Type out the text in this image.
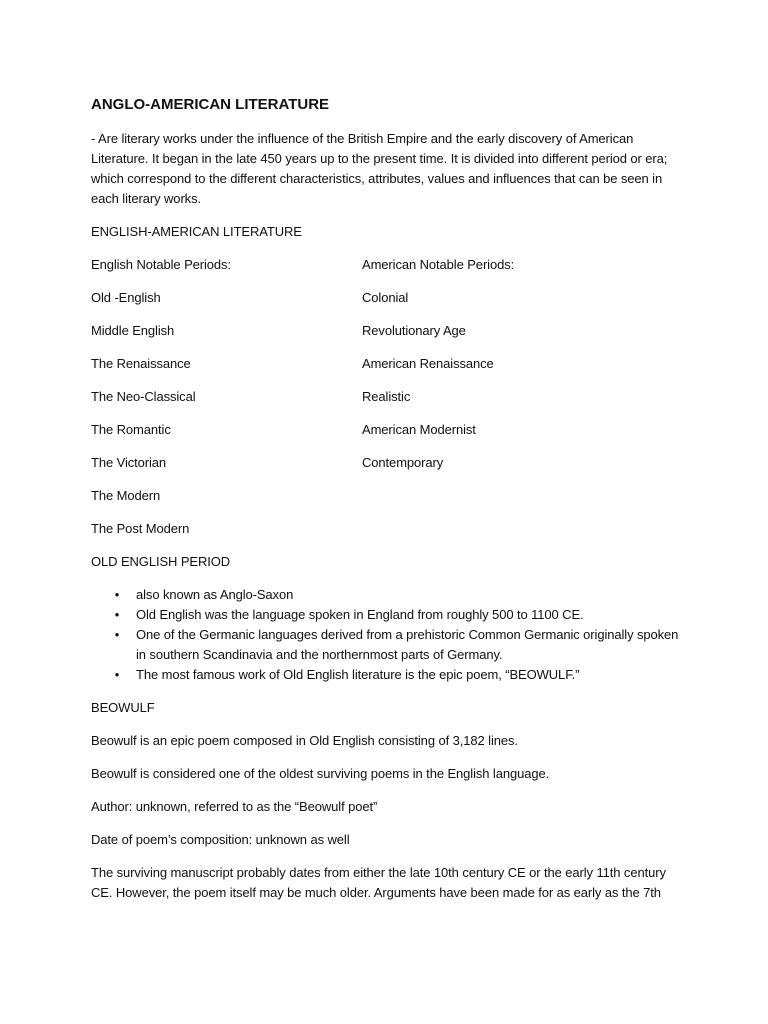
ANGLO-AMERICAN LITERATURE
- Are literary works under the influence of the British Empire and the early discovery of American Literature. It began in the late 450 years up to the present time. It is divided into different period or era; which correspond to the different characteristics, attributes, values and influences that can be seen in each literary works.
ENGLISH-AMERICAN LITERATURE
English Notable Periods:
Old -English
Middle English
The Renaissance
The Neo-Classical
The Romantic
The Victorian
The Modern
The Post Modern
American Notable Periods:
Colonial
Revolutionary Age
American Renaissance
Realistic
American Modernist
Contemporary
OLD ENGLISH PERIOD
• also known as Anglo-Saxon
• Old English was the language spoken in England from roughly 500 to 1100 CE.
• One of the Germanic languages derived from a prehistoric Common Germanic originally spoken in southern Scandinavia and the northernmost parts of Germany.
• The most famous work of Old English literature is the epic poem, “BEOWULF.”
BEOWULF
Beowulf is an epic poem composed in Old English consisting of 3,182 lines.
Beowulf is considered one of the oldest surviving poems in the English language.
Author: unknown, referred to as the “Beowulf poet”
Date of poem’s composition: unknown as well
The surviving manuscript probably dates from either the late 10th century CE or the early 11th century CE. However, the poem itself may be much older. Arguments have been made for as early as the 7th
